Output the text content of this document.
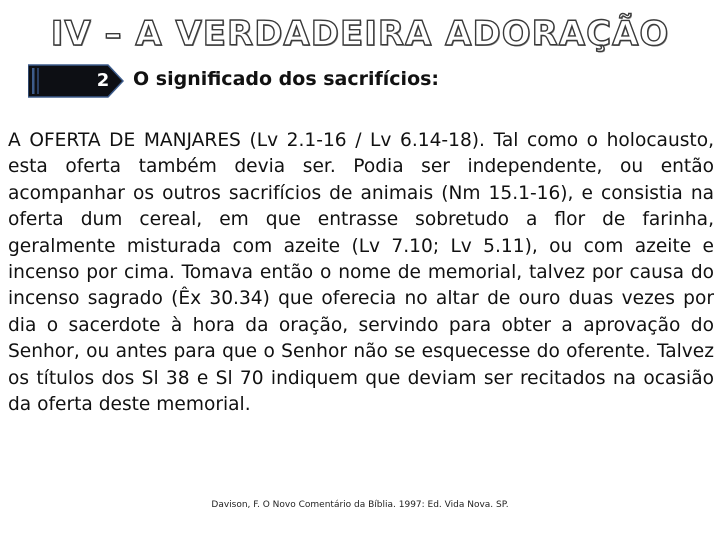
IV – A VERDADEIRA ADORAÇÃO
2 O significado dos sacrifícios:
A OFERTA DE MANJARES (Lv 2.1-16 / Lv 6.14-18). Tal como o holocausto, esta oferta também devia ser. Podia ser independente, ou então acompanhar os outros sacrifícios de animais (Nm 15.1-16), e consistia na oferta dum cereal, em que entrasse sobretudo a flor de farinha, geralmente misturada com azeite (Lv 7.10; Lv 5.11), ou com azeite e incenso por cima. Tomava então o nome de memorial, talvez por causa do incenso sagrado (Êx 30.34) que oferecia no altar de ouro duas vezes por dia o sacerdote à hora da oração, servindo para obter a aprovação do Senhor, ou antes para que o Senhor não se esquecesse do oferente. Talvez os títulos dos Sl 38 e Sl 70 indiquem que deviam ser recitados na ocasião da oferta deste memorial.
Davison, F. O Novo Comentário da Bíblia. 1997: Ed. Vida Nova. SP.
